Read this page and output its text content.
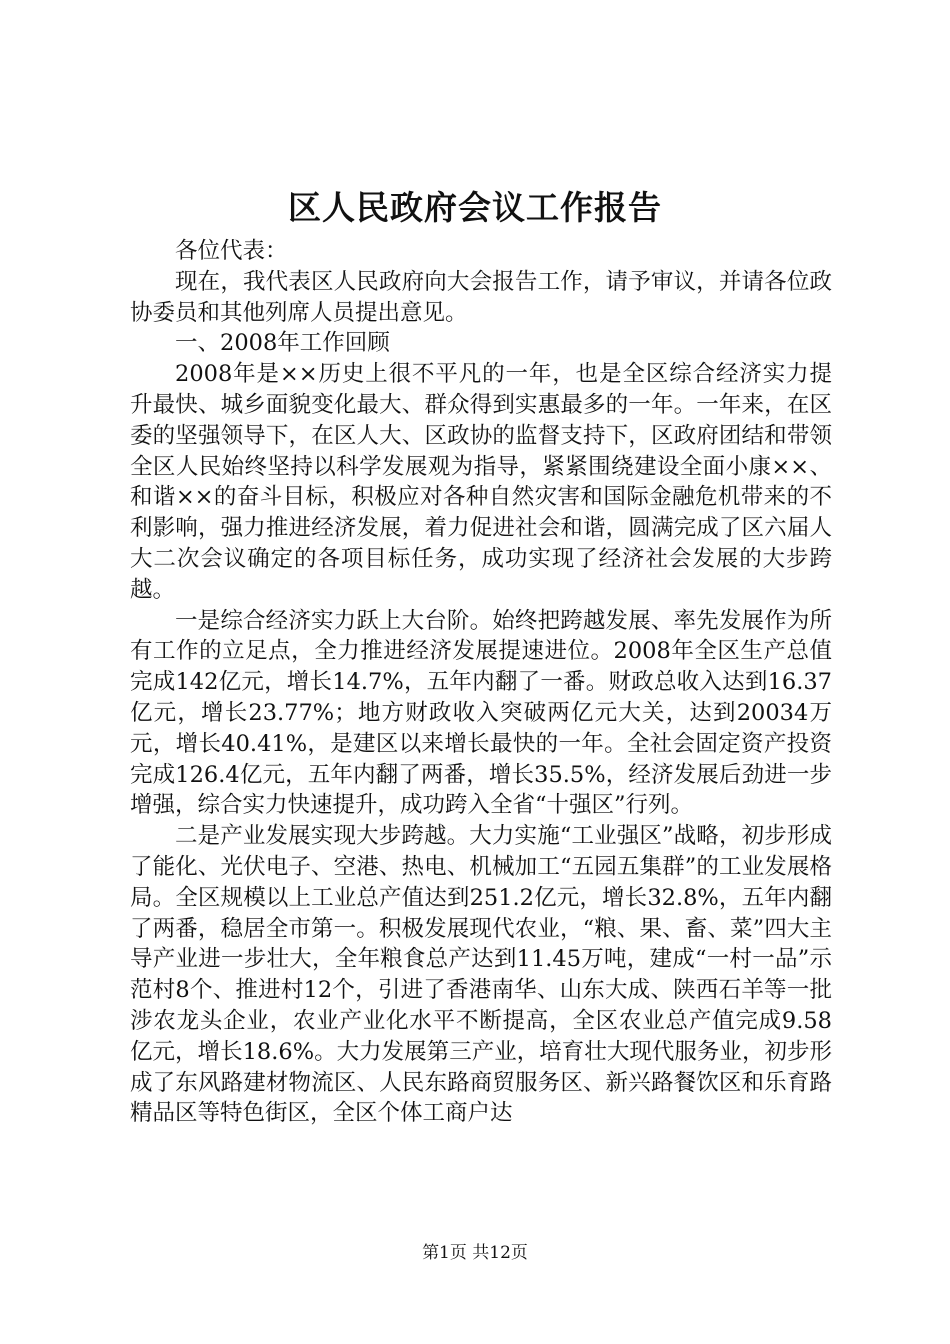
区人民政府会议工作报告

各位代表：

现在，我代表区人民政府向大会报告工作，请予审议，并请各位政协委员和其他列席人员提出意见。

一、2008年工作回顾

2008年是××历史上很不平凡的一年，也是全区综合经济实力提升最快、城乡面貌变化最大、群众得到实惠最多的一年。一年来，在区委的坚强领导下，在区人大、区政协的监督支持下，区政府团结和带领全区人民始终坚持以科学发展观为指导，紧紧围绕建设全面小康××、和谐××的奋斗目标，积极应对各种自然灾害和国际金融危机带来的不利影响，强力推进经济发展，着力促进社会和谐，圆满完成了区六届人大二次会议确定的各项目标任务，成功实现了经济社会发展的大步跨越。

一是综合经济实力跃上大台阶。始终把跨越发展、率先发展作为所有工作的立足点，全力推进经济发展提速进位。2008年全区生产总值完成142亿元，增长14.7%，五年内翻了一番。财政总收入达到16.37亿元，增长23.77%；地方财政收入突破两亿元大关，达到20034万元，增长40.41%，是建区以来增长最快的一年。全社会固定资产投资完成126.4亿元，五年内翻了两番，增长35.5%，经济发展后劲进一步增强，综合实力快速提升，成功跨入全省“十强区”行列。

二是产业发展实现大步跨越。大力实施“工业强区”战略，初步形成了能化、光伏电子、空港、热电、机械加工“五园五集群”的工业发展格局。全区规模以上工业总产值达到251.2亿元，增长32.8%，五年内翻了两番，稳居全市第一。积极发展现代农业，“粮、果、畜、菜”四大主导产业进一步壮大，全年粮食总产达到11.45万吨，建成“一村一品”示范村8个、推进村12个，引进了香港南华、山东大成、陕西石羊等一批涉农龙头企业，农业产业化水平不断提高，全区农业总产值完成9.58亿元，增长18.6%。大力发展第三产业，培育壮大现代服务业，初步形成了东风路建材物流区、人民东路商贸服务区、新兴路餐饮区和乐育路精品区等特色街区，全区个体工商户达

第1页 共12页
